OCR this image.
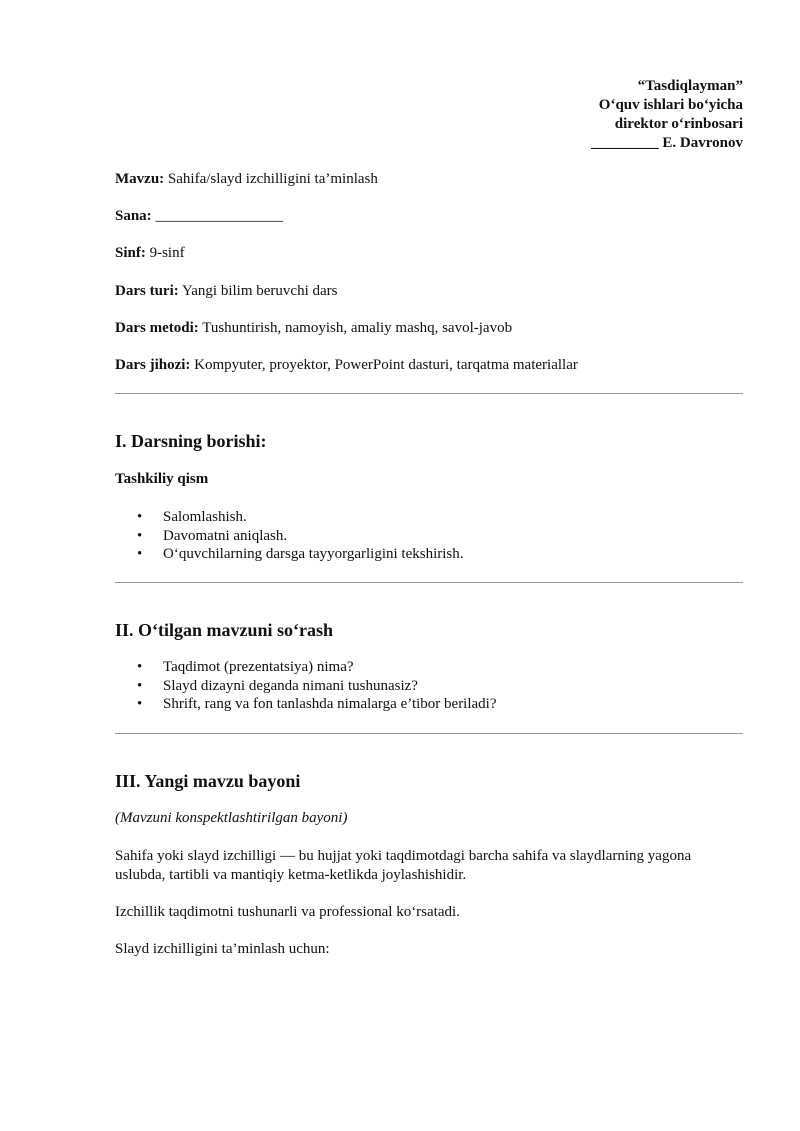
“Tasdiqlayman”
O‘quv ishlari bo‘yicha
direktor o‘rinbosari
_________ E. Davronov
Mavzu: Sahifa/slayd izchilligini ta’minlash
Sana: _________________
Sinf: 9-sinf
Dars turi: Yangi bilim beruvchi dars
Dars metodi: Tushuntirish, namoyish, amaliy mashq, savol-javob
Dars jihozi: Kompyuter, proyektor, PowerPoint dasturi, tarqatma materiallar
I. Darsning borishi:
Tashkiliy qism
• Salomlashish.
• Davomatni aniqlash.
• O‘quvchilarning darsga tayyorgarligini tekshirish.
II. O‘tilgan mavzuni so‘rash
• Taqdimot (prezentatsiya) nima?
• Slayd dizayni deganda nimani tushunasiz?
• Shrift, rang va fon tanlashda nimalarga e’tibor beriladi?
III. Yangi mavzu bayoni
(Mavzuni konspektlashtirilgan bayoni)
Sahifa yoki slayd izchilligi — bu hujjat yoki taqdimotdagi barcha sahifa va slaydlarning yagona uslubda, tartibli va mantiqiy ketma-ketlikda joylashishidir.
Izchillik taqdimotni tushunarli va professional ko‘rsatadi.
Slayd izchilligini ta’minlash uchun:
